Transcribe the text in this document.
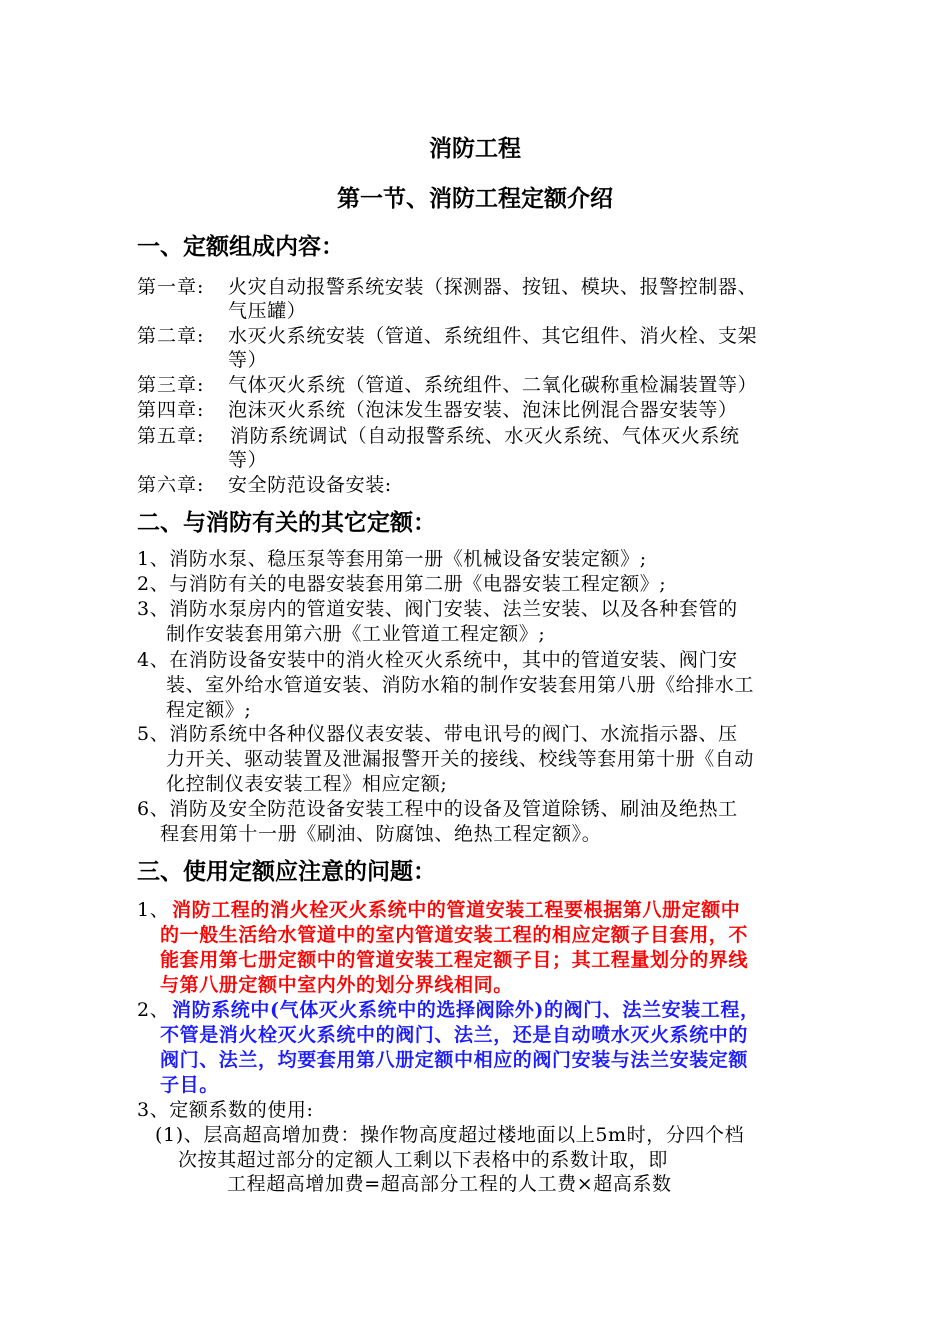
消防工程
第一节、消防工程定额介绍
一、定额组成内容：
第一章: 火灾自动报警系统安装（探测器、按钮、模块、报警控制器、
气压罐）
第二章: 水灭火系统安装（管道、系统组件、其它组件、消火栓、支架
等）
第三章: 气体灭火系统（管道、系统组件、二氧化碳称重检漏装置等）
第四章: 泡沫灭火系统（泡沫发生器安装、泡沫比例混合器安装等）
第五章: 消防系统调试（自动报警系统、水灭火系统、气体灭火系统
等）
第六章: 安全防范设备安装:
二、与消防有关的其它定额：
1、消防水泵、稳压泵等套用第一册《机械设备安装定额》;
2、与消防有关的电器安装套用第二册《电器安装工程定额》;
3、消防水泵房内的管道安装、阀门安装、法兰安装、以及各种套管的
制作安装套用第六册《工业管道工程定额》;
4、在消防设备安装中的消火栓灭火系统中，其中的管道安装、阀门安
装、室外给水管道安装、消防水箱的制作安装套用第八册《给排水工
程定额》;
5、消防系统中各种仪器仪表安装、带电讯号的阀门、水流指示器、压
力开关、驱动装置及泄漏报警开关的接线、校线等套用第十册《自动
化控制仪表安装工程》相应定额;
6、消防及安全防范设备安装工程中的设备及管道除锈、刷油及绝热工
程套用第十一册《刷油、防腐蚀、绝热工程定额》。
三、使用定额应注意的问题：
1、 消防工程的消火栓灭火系统中的管道安装工程要根据第八册定额中
的一般生活给水管道中的室内管道安装工程的相应定额子目套用，不
能套用第七册定额中的管道安装工程定额子目；其工程量划分的界线
与第八册定额中室内外的划分界线相同。
2、 消防系统中(气体灭火系统中的选择阀除外)的阀门、法兰安装工程，
不管是消火栓灭火系统中的阀门、法兰，还是自动喷水灭火系统中的
阀门、法兰，均要套用第八册定额中相应的阀门安装与法兰安装定额
子目。
3、定额系数的使用:
(1)、层高超高增加费：操作物高度超过楼地面以上5m时，分四个档
次按其超过部分的定额人工剩以下表格中的系数计取，即
工程超高增加费=超高部分工程的人工费×超高系数
